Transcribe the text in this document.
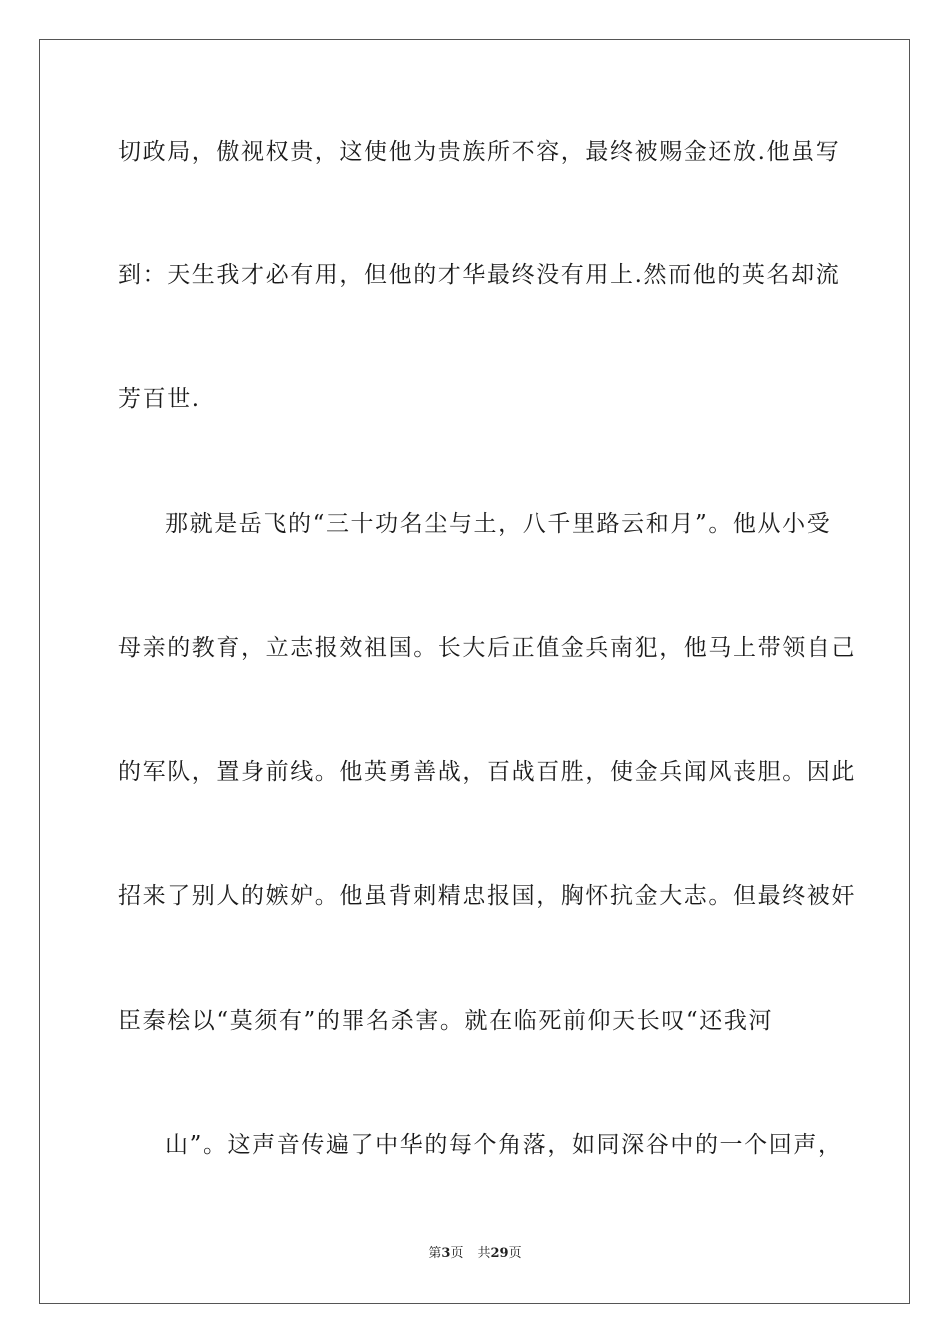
切政局，傲视权贵，这使他为贵族所不容，最终被赐金还放.他虽写
到：天生我才必有用，但他的才华最终没有用上.然而他的英名却流
芳百世.
那就是岳飞的“三十功名尘与土，八千里路云和月”。他从小受
母亲的教育，立志报效祖国。长大后正值金兵南犯，他马上带领自己
的军队，置身前线。他英勇善战，百战百胜，使金兵闻风丧胆。因此
招来了别人的嫉妒。他虽背刺精忠报国，胸怀抗金大志。但最终被奸
臣秦桧以“莫须有”的罪名杀害。就在临死前仰天长叹“还我河
山”。这声音传遍了中华的每个角落，如同深谷中的一个回声，
第3页 共29页
